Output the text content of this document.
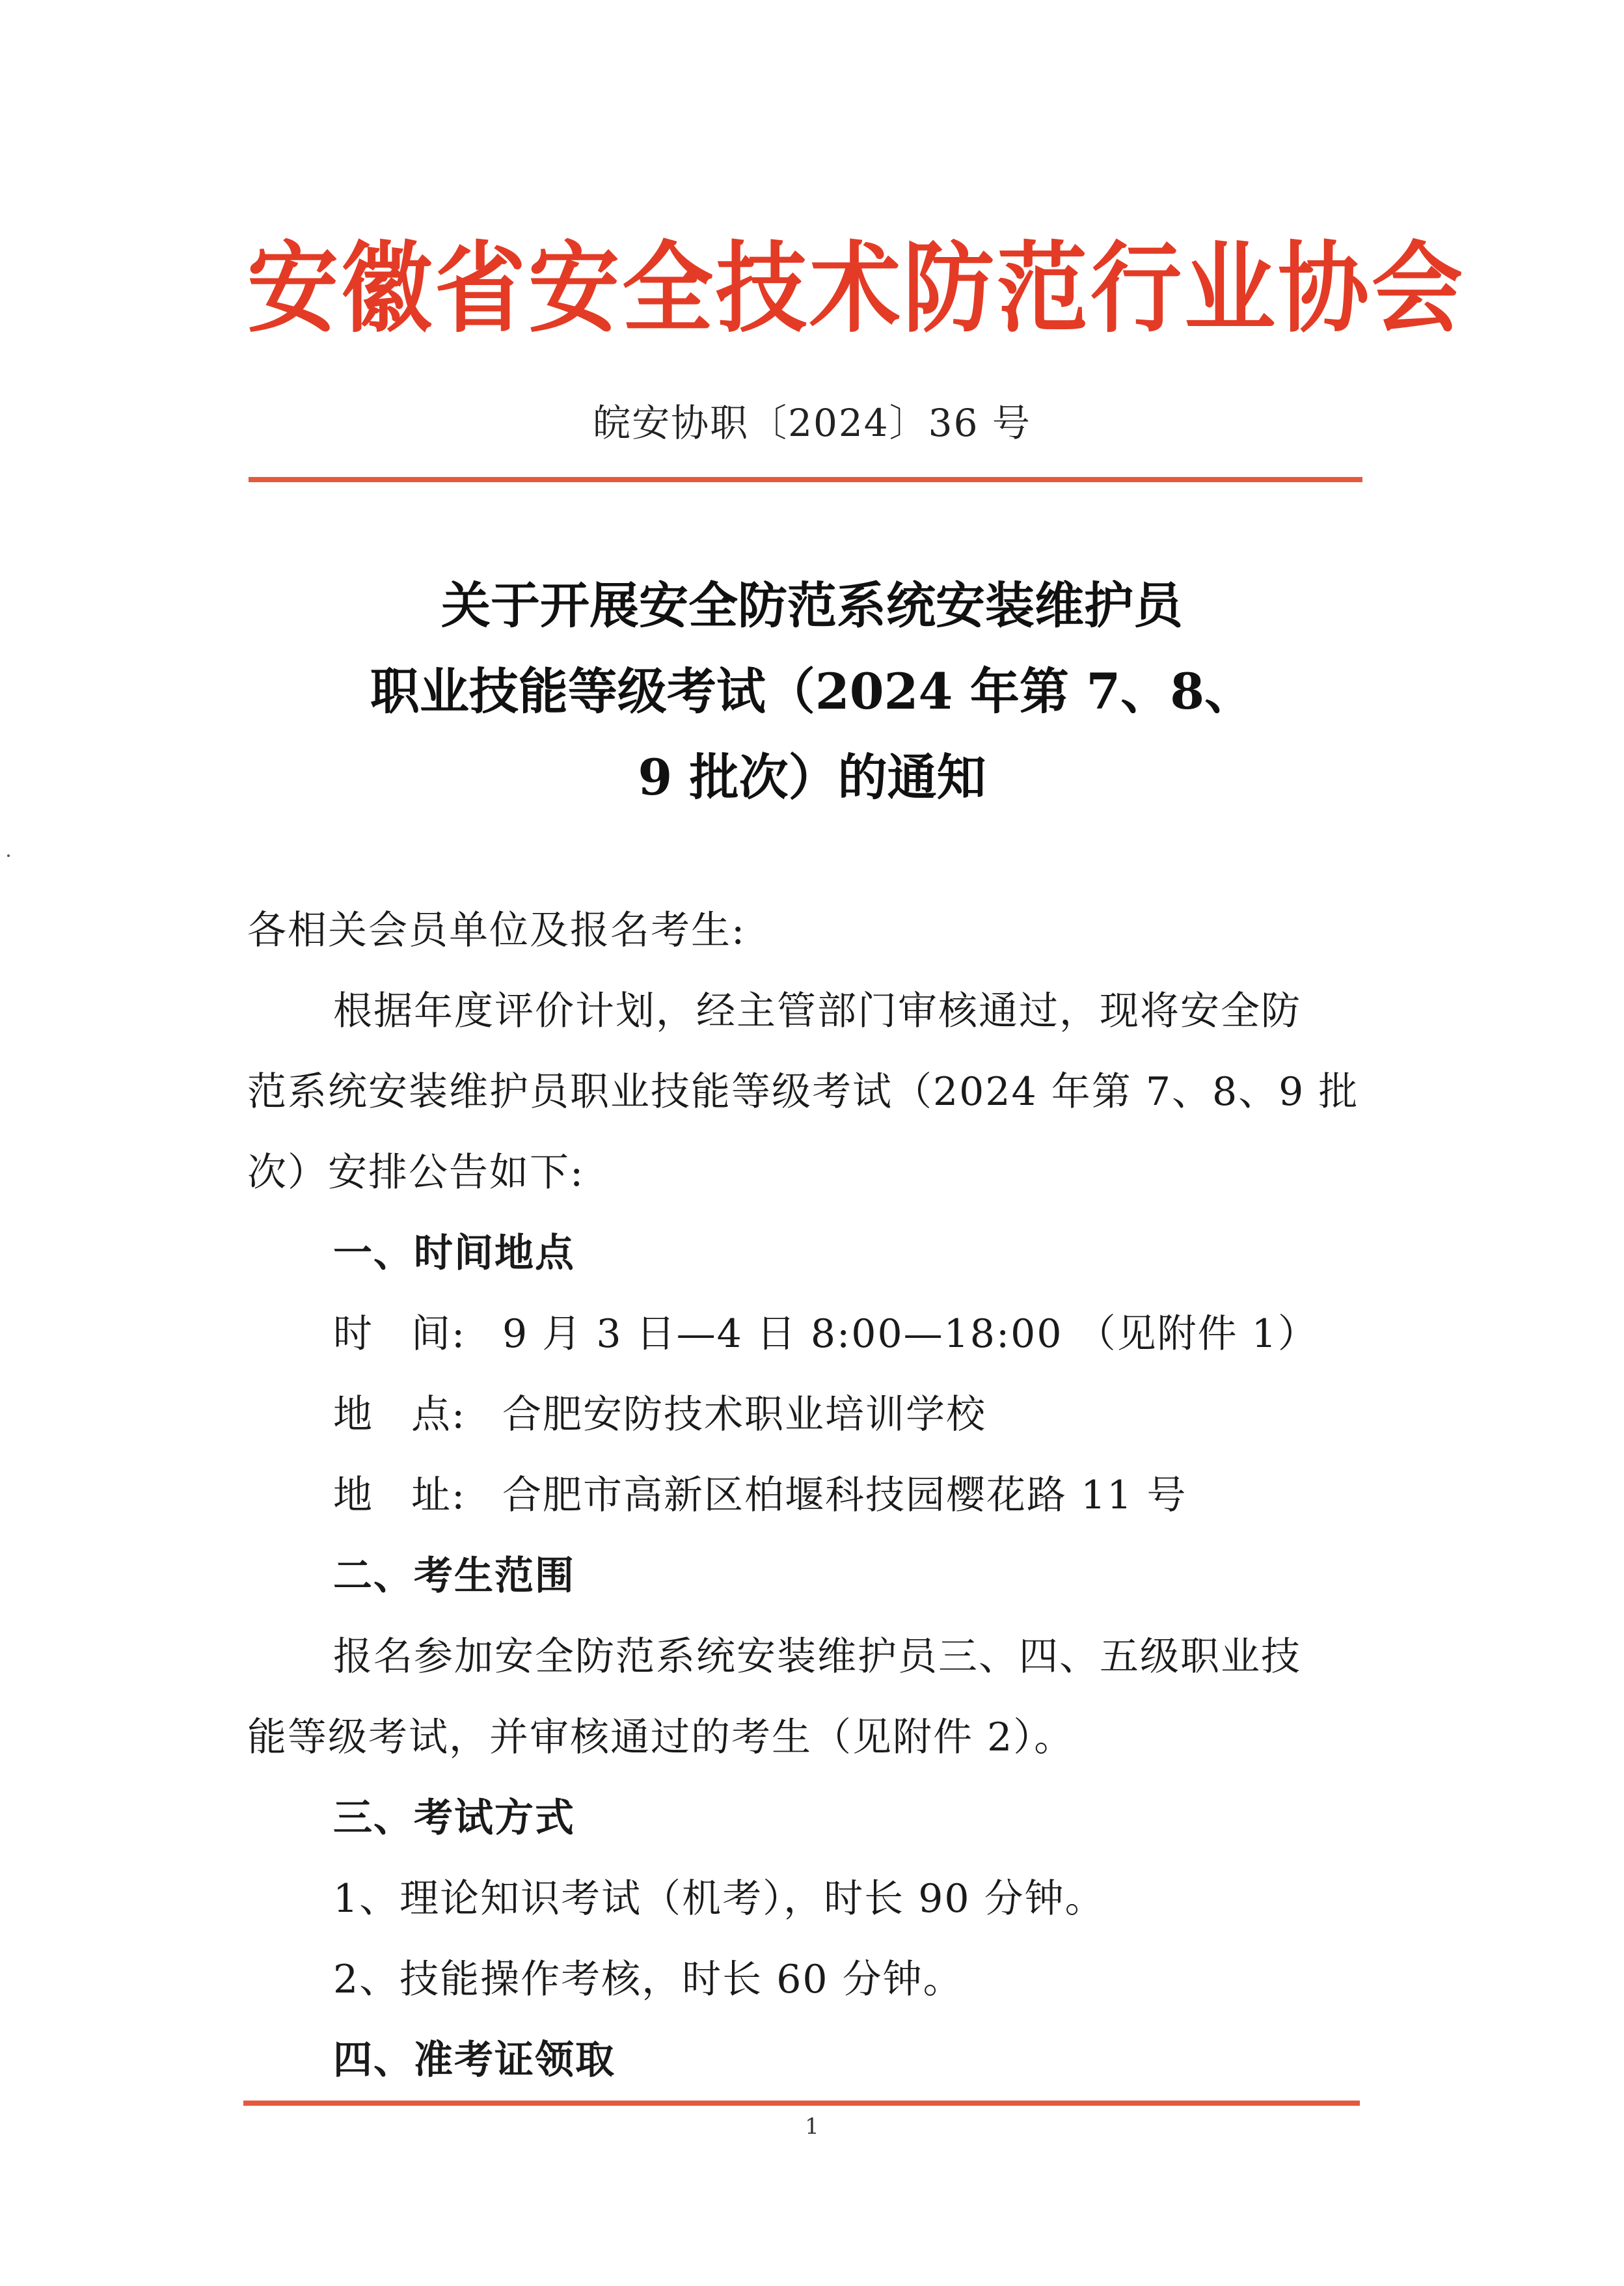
安徽省安全技术防范行业协会
皖安协职〔2024〕36 号
关于开展安全防范系统安装维护员
职业技能等级考试（2024 年第 7、8、
9 批次）的通知
各相关会员单位及报名考生:
根据年度评价计划，经主管部门审核通过，现将安全防
范系统安装维护员职业技能等级考试（2024 年第 7、8、9 批
次）安排公告如下:
一、时间地点
时 间: 9 月 3 日—4 日 8:00—18:00 （见附件 1）
地 点: 合肥安防技术职业培训学校
地 址: 合肥市高新区柏堰科技园樱花路 11 号
二、考生范围
报名参加安全防范系统安装维护员三、四、五级职业技
能等级考试，并审核通过的考生（见附件 2）。
三、考试方式
1、理论知识考试（机考），时长 90 分钟。
2、技能操作考核，时长 60 分钟。
四、准考证领取
1
